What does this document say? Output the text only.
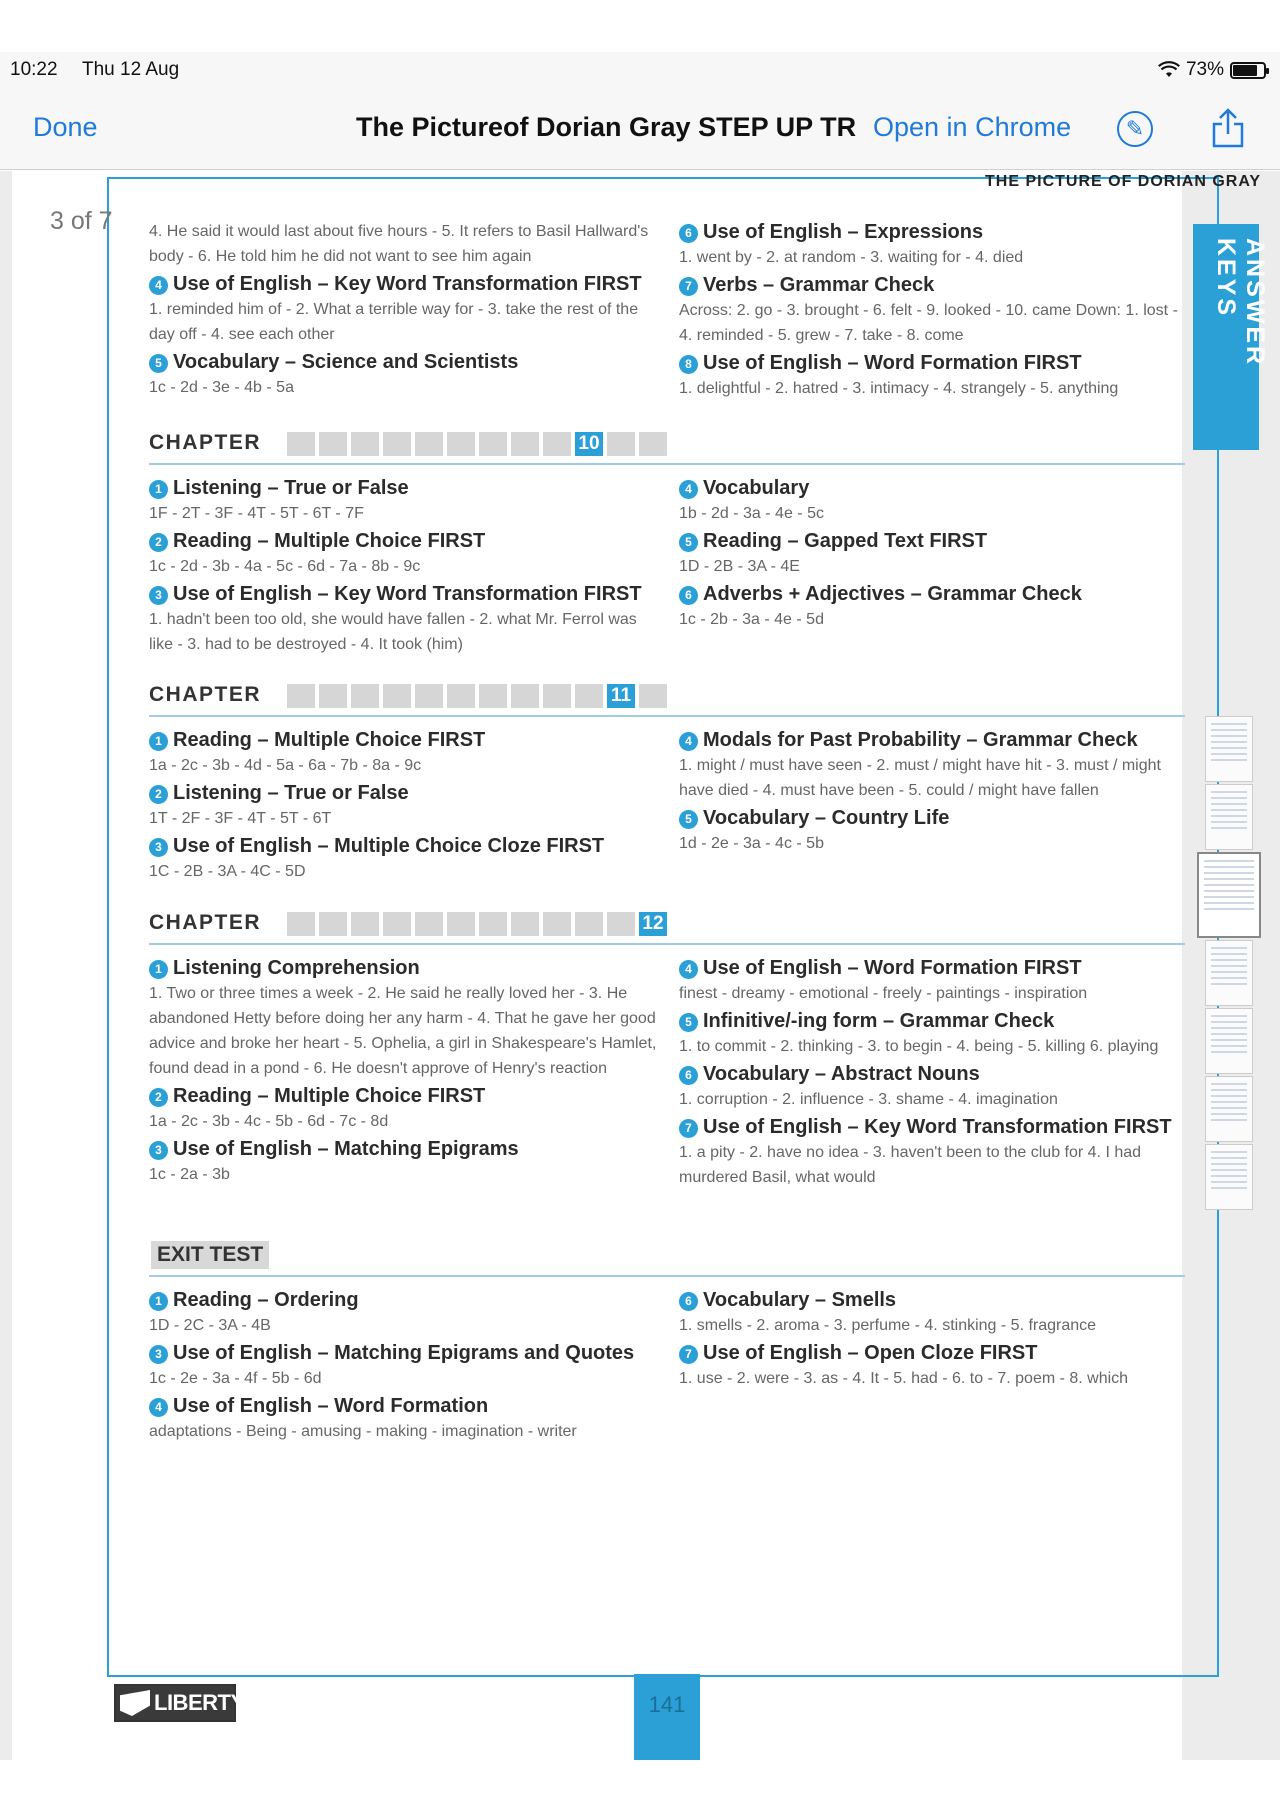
10:22 Thu 12 Aug	73%
Done	The Pictureof Dorian Gray STEP UP TR Open in Chrome	✎
THE PICTURE OF DORIAN GRAY
3 of 7 4. He said it would last about five hours - 5. It refers to Basil Hallward's body - 6. He told him he did not want to see him again

4 Use of English – Key Word Transformation FIRST

1. reminded him of - 2. What a terrible way for - 3. take the rest of the day off - 4. see each other

5 Vocabulary – Science and Scientists

1c - 2d - 3e - 4b - 5a

6 Use of English – Expressions

1. went by - 2. at random - 3. waiting for - 4. died

7 Verbs – Grammar Check

Across: 2. go - 3. brought - 6. felt - 9. looked - 10. came Down: 1. lost - 4. reminded - 5. grew - 7. take - 8. come

8 Use of English – Word Formation FIRST

1. delightful - 2. hatred - 3. intimacy - 4. strangely - 5. anything

CHAPTER	10
1 Listening – True or False

1F - 2T - 3F - 4T - 5T - 6T - 7F

2 Reading – Multiple Choice FIRST

1c - 2d - 3b - 4a - 5c - 6d - 7a - 8b - 9c

3 Use of English – Key Word Transformation FIRST

1. hadn't been too old, she would have fallen - 2. what Mr. Ferrol was like - 3. had to be destroyed - 4. It took (him)

4 Vocabulary

1b - 2d - 3a - 4e - 5c

5 Reading – Gapped Text FIRST

1D - 2B - 3A - 4E

6 Adverbs + Adjectives – Grammar Check

1c - 2b - 3a - 4e - 5d

CHAPTER	11
1 Reading – Multiple Choice FIRST

1a - 2c - 3b - 4d - 5a - 6a - 7b - 8a - 9c

2 Listening – True or False

1T - 2F - 3F - 4T - 5T - 6T

3 Use of English – Multiple Choice Cloze FIRST

1C - 2B - 3A - 4C - 5D

4 Modals for Past Probability – Grammar Check

1. might / must have seen - 2. must / might have hit - 3. must / might have died - 4. must have been - 5. could / might have fallen

5 Vocabulary – Country Life

1d - 2e - 3a - 4c - 5b

CHAPTER	12
1 Listening Comprehension

1. Two or three times a week - 2. He said he really loved her - 3. He abandoned Hetty before doing her any harm - 4. That he gave her good advice and broke her heart - 5. Ophelia, a girl in Shakespeare's Hamlet, found dead in a pond - 6. He doesn't approve of Henry's reaction

2 Reading – Multiple Choice FIRST

1a - 2c - 3b - 4c - 5b - 6d - 7c - 8d

3 Use of English – Matching Epigrams

1c - 2a - 3b

4 Use of English – Word Formation FIRST

finest - dreamy - emotional - freely - paintings - inspiration

5 Infinitive/-ing form – Grammar Check

1. to commit - 2. thinking - 3. to begin - 4. being - 5. killing 6. playing

6 Vocabulary – Abstract Nouns

1. corruption - 2. influence - 3. shame - 4. imagination

7 Use of English – Key Word Transformation FIRST

1. a pity - 2. have no idea - 3. haven't been to the club for 4. I had murdered Basil, what would

EXIT TEST
1 Reading – Ordering

1D - 2C - 3A - 4B

3 Use of English – Matching Epigrams and Quotes

1c - 2e - 3a - 4f - 5b - 6d

4 Use of English – Word Formation

adaptations - Being - amusing - making - imagination - writer

6 Vocabulary – Smells

1. smells - 2. aroma - 3. perfume - 4. stinking - 5. fragrance

7 Use of English – Open Cloze FIRST

1. use - 2. were - 3. as - 4. It - 5. had - 6. to - 7. poem - 8. which

LIBERTY	141
ANSWER KEYS
